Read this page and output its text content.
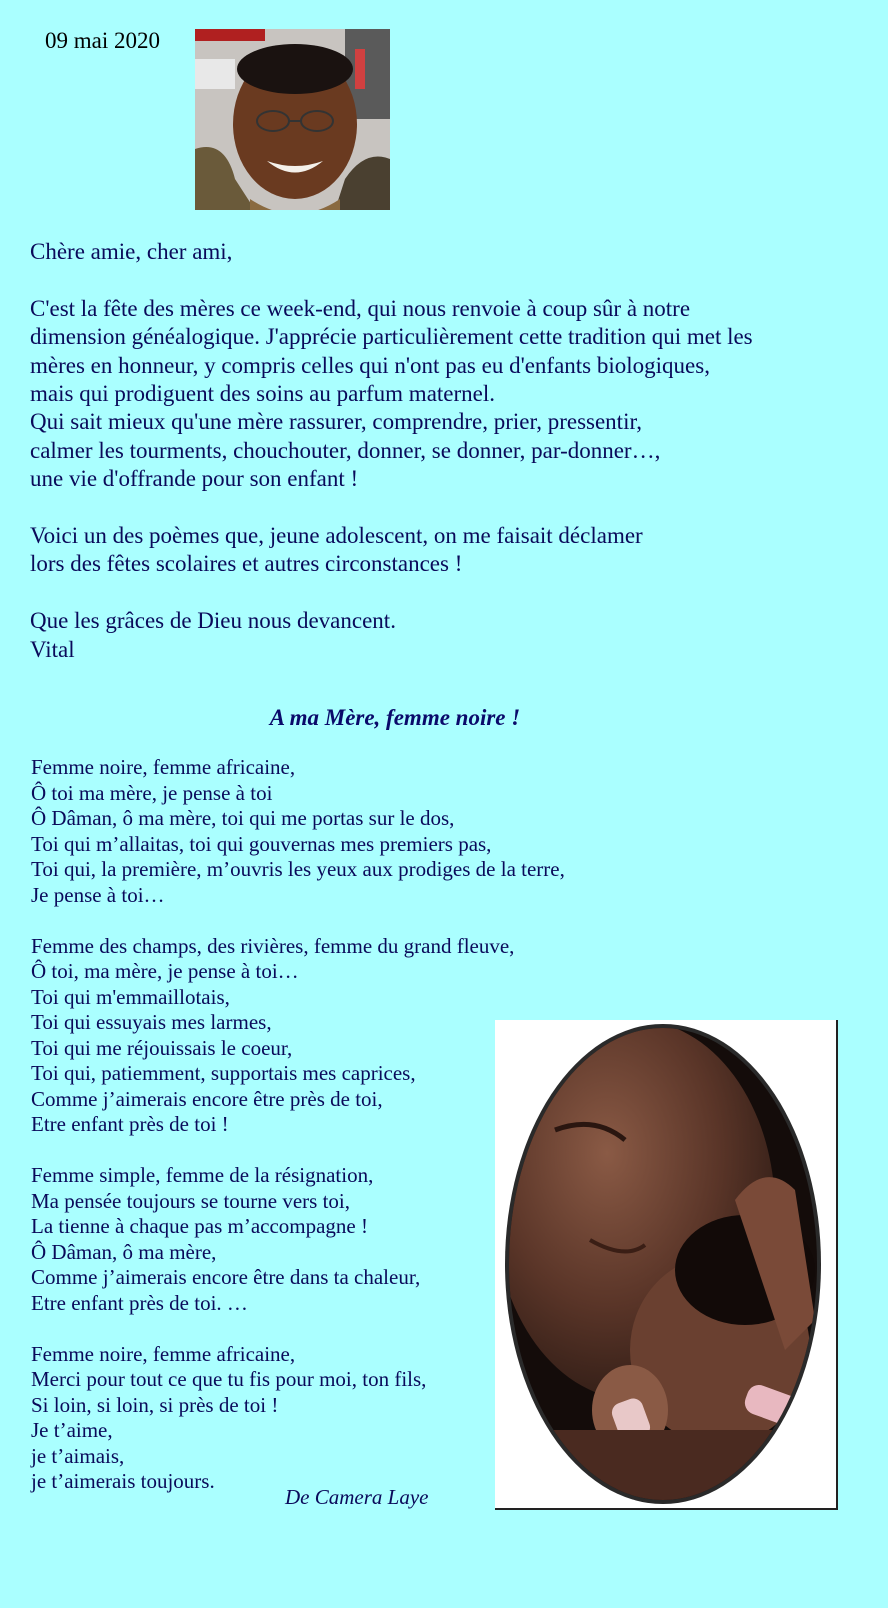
09 mai 2020

Chère amie, cher ami,

C'est la fête des mères ce week-end, qui nous renvoie à coup sûr à notre
dimension généalogique. J'apprécie particulièrement cette tradition qui met les
mères en honneur, y compris celles qui n'ont pas eu d'enfants biologiques,
mais qui prodiguent des soins au parfum maternel.
Qui sait mieux qu'une mère rassurer, comprendre, prier, pressentir,
calmer les tourments, chouchouter, donner, se donner, par-donner…,
une vie d'offrande pour son enfant !

Voici un des poèmes que, jeune adolescent, on me faisait déclamer
lors des fêtes scolaires et autres circonstances !

Que les grâces de Dieu nous devancent.
Vital

A ma Mère, femme noire !
Femme noire, femme africaine,
Ô toi ma mère, je pense à toi
Ô Dâman, ô ma mère, toi qui me portas sur le dos,
Toi qui m’allaitas, toi qui gouvernas mes premiers pas,
Toi qui, la première, m’ouvris les yeux aux prodiges de la terre,
Je pense à toi…
Femme des champs, des rivières, femme du grand fleuve,
Ô toi, ma mère, je pense à toi…
Toi qui m'emmaillotais,
Toi qui essuyais mes larmes,
Toi qui me réjouissais le coeur,
Toi qui, patiemment, supportais mes caprices,
Comme j’aimerais encore être près de toi,
Etre enfant près de toi !
Femme simple, femme de la résignation,
Ma pensée toujours se tourne vers toi,
La tienne à chaque pas m’accompagne !
Ô Dâman, ô ma mère,
Comme j’aimerais encore être dans ta chaleur,
Etre enfant près de toi. …
Femme noire, femme africaine,
Merci pour tout ce que tu fis pour moi, ton fils,
Si loin, si loin, si près de toi !
Je t’aime,
je t’aimais,
je t’aimerais toujours.
De Camera Laye
